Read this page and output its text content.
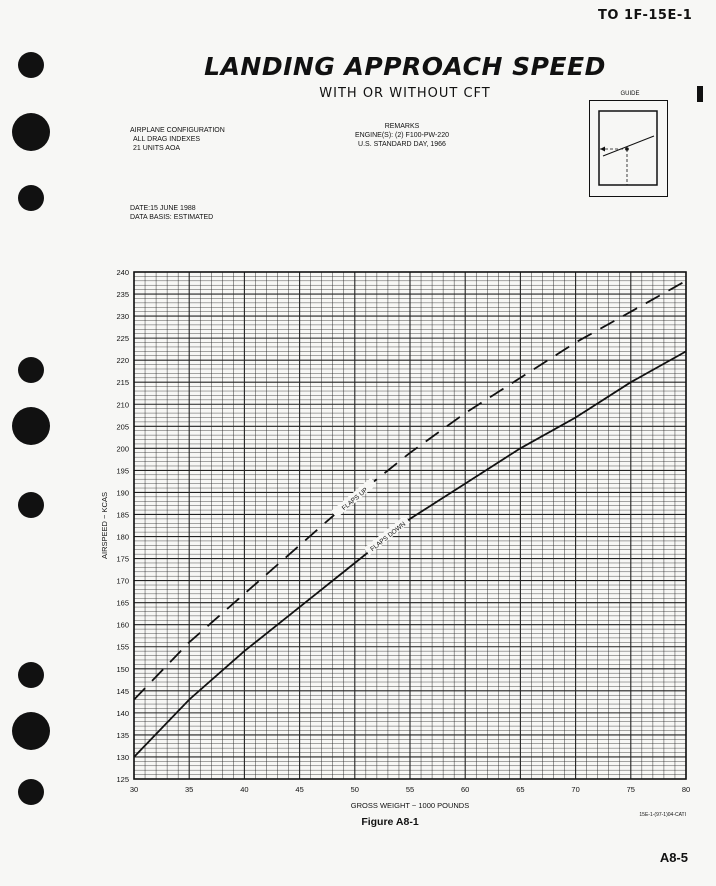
TO 1F-15E-1
LANDING APPROACH SPEED
WITH OR WITHOUT CFT
AIRPLANE CONFIGURATION
ALL DRAG INDEXES
21 UNITS AOA
REMARKS
ENGINE(S): (2) F100-PW-220
U.S. STANDARD DAY, 1966
DATE:15 JUNE 1988
DATA BASIS: ESTIMATED
GUIDE
125
130
135
140
145
150
155
160
165
170
175
180
185
190
195
200
205
210
215
220
225
230
235
240
30	35	40	45	50	55	60	65	70	75	80
GROSS WEIGHT ~ 1000 POUNDS
AIRSPEED ~ KCAS	FLAPS UP
FLAPS DOWN
Figure A8-1
15E-1-(97-1)04-CATI
A8-5
